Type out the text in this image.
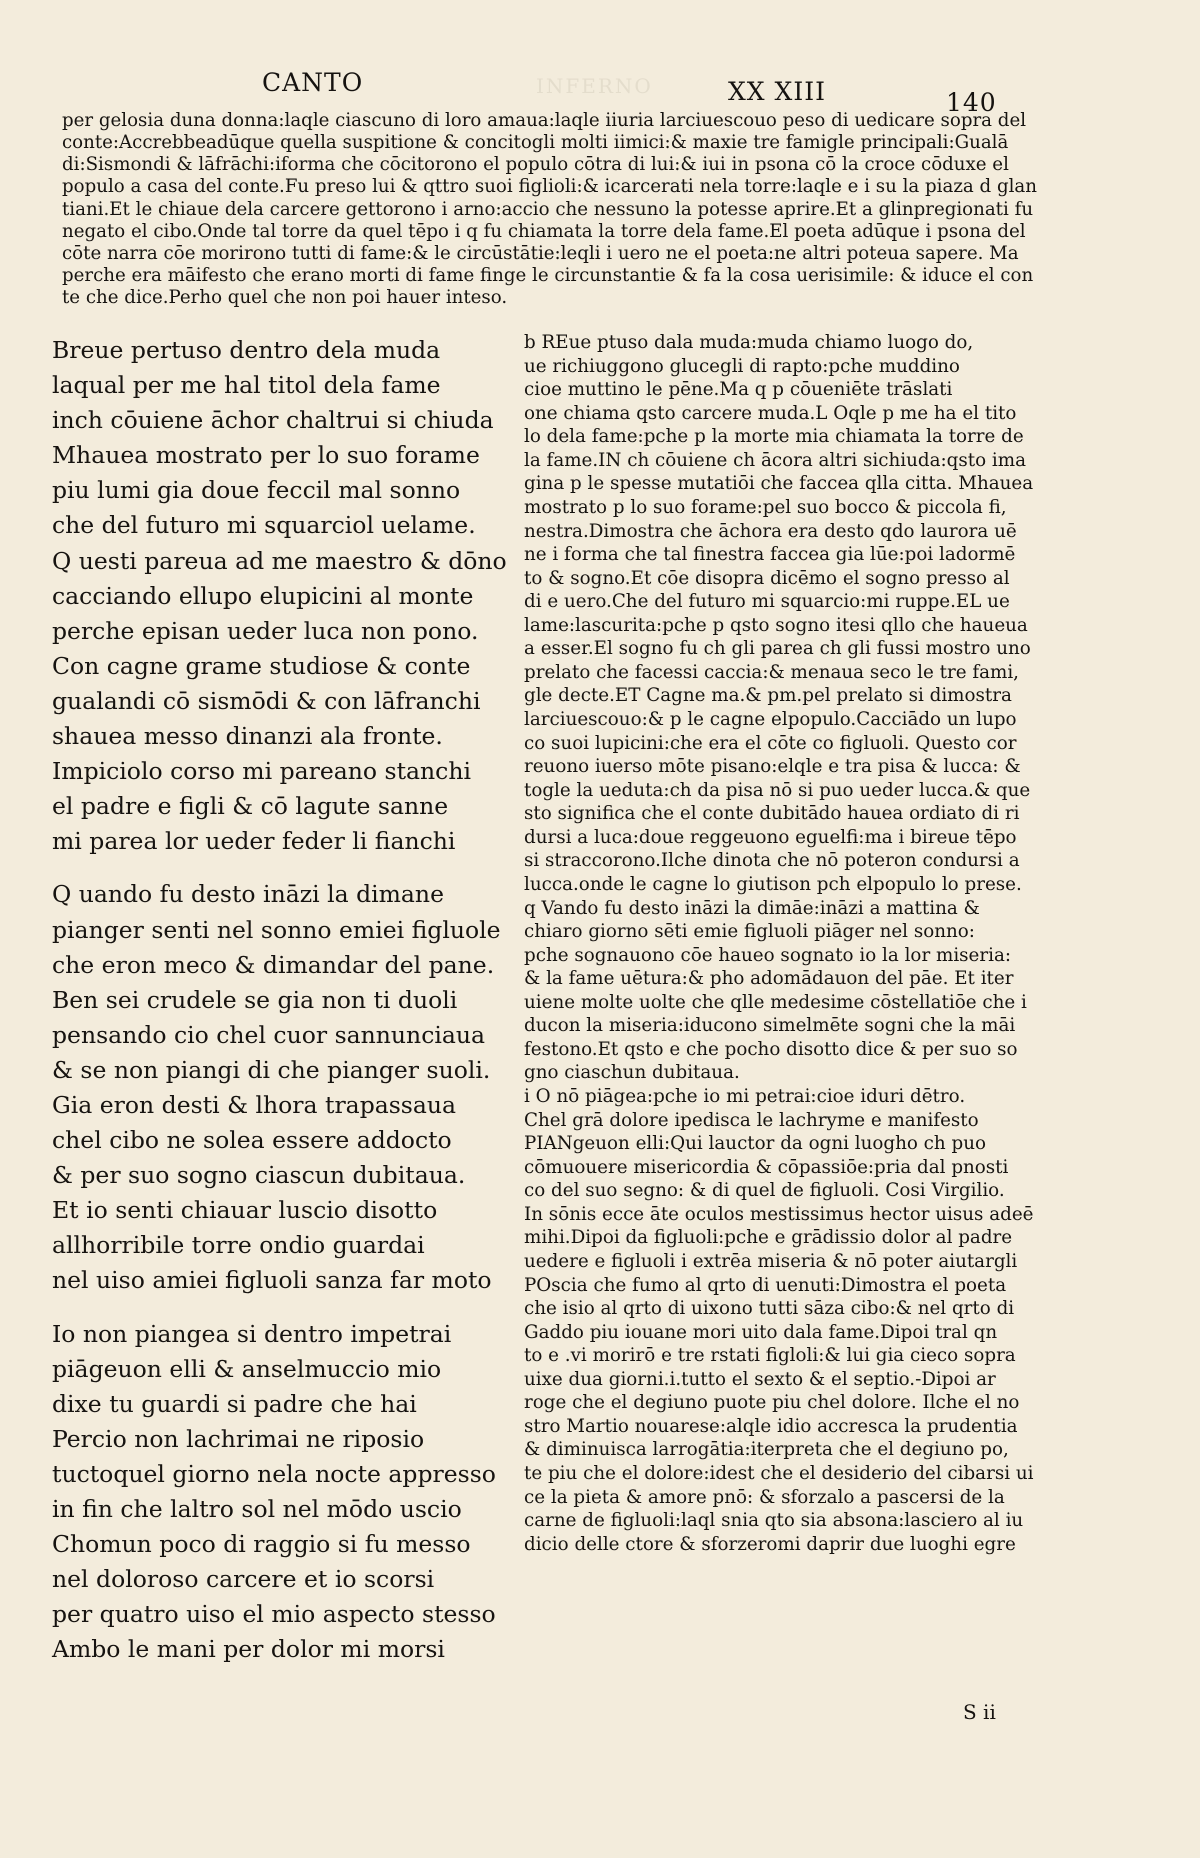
INFERNO
CANTO	XX XIII	140
per gelosia duna donna:laqle ciascuno di loro amaua:laqle iiuria larciuescouo peso di uedicare sopra del
conte:Accrebbeadūque quella suspitione & concitogli molti iimici:& maxie tre famigle principali:Gualā
di:Sismondi & lāfrāchi:iforma che cōcitorono el populo cōtra di lui:& iui in psona cō la croce cōduxe el
populo a casa del conte.Fu preso lui & qttro suoi figlioli:& icarcerati nela torre:laqle e i su la piaza d glan
tiani.Et le chiaue dela carcere gettorono i arno:accio che nessuno la potesse aprire.Et a glinpregionati fu
negato el cibo.Onde tal torre da quel tēpo i q fu chiamata la torre dela fame.El poeta adūque i psona del
cōte narra cōe morirono tutti di fame:& le circūstātie:leqli i uero ne el poeta:ne altri poteua sapere. Ma
perche era māifesto che erano morti di fame finge le circunstantie & fa la cosa uerisimile: & iduce el con
te che dice.Perho quel che non poi hauer inteso.
Breue pertuso dentro dela muda
laqual per me hal titol dela fame
inch cōuiene āchor chaltrui si chiuda
Mhaueа mostrato per lo suo forame
piu lumi gia doue feccil mal sonno
che del futuro mi squarciol uelame.
Q uesti pareua ad me maestro & dōno
cacciando ellupo elupicini al monte
perche episan ueder luca non pono.
Con cagne grame studiose & conte
gualandi cō sismōdi & con lāfranchi
shaueа messo dinanzi ala fronte.
Impiciolo corso mi pareano stanchi
el padre e figli & cō lagute sanne
mi parea lor ueder feder li fianchi
Q uando fu desto ināzi la dimane
pianger senti nel sonno emiei figluole
che eron meco & dimandar del pane.
Ben sei crudele se gia non ti duoli
pensando cio chel cuor sannunciaua
& se non piangi di che pianger suoli.
Gia eron desti & lhora trapassaua
chel cibo ne solea essere addocto
& per suo sogno ciascun dubitaua.
Et io senti chiauar luscio disotto
allhorribile torre ondio guardai
nel uiso amiei figluoli sanza far moto
Io non piangea si dentro impetrai
piāgeuon elli & anselmuccio mio
dixe tu guardi si padre che hai
Percio non lachrimai ne riposio
tuctoquel giorno nela nocte appresso
in fin che laltro sol nel mōdo uscio
Chomun poco di raggio si fu messo
nel doloroso carcere et io scorsi
per quatro uiso el mio aspecto stesso
Ambo le mani per dolor mi morsi
b REue ptuso dala muda:muda chiamo luogo do,
ue richiuggono glucegli di rapto:pche muddino
cioe muttino le pēne.Ma q p cōueniēte trāslati
one chiama qsto carcere muda.L Oqle p me ha el tito
lo dela fame:pche p la morte mia chiamata la torre de
la fame.IN ch cōuiene ch ācora altri sichiuda:qsto ima
gina p le spesse mutatiōi che faccea qlla citta. Mhaueа
mostrato p lo suo forame:pel suo bocco & piccola fi,
nestra.Dimostra che āchora era desto qdo laurora uē
ne i forma che tal finestra faccea gia lūe:poi ladormē
to & sogno.Et cōe disopra dicēmo el sogno presso al
di e uero.Che del futuro mi squarcio:mi ruppe.EL ue
lame:lascurita:pche p qsto sogno itesi qllo che haueua
a esser.El sogno fu ch gli parea ch gli fussi mostro uno
prelato che facessi caccia:& menaua seco le tre fami,
gle decte.ET Cagne ma.& pm.pel prelato si dimostra
larciuescouo:& p le cagne elpopulo.Cacciādo un lupo
co suoi lupicini:che era el cōte co figluoli. Questo cor
reuono iuerso mōte pisano:elqle e tra pisa & lucca: &
togle la ueduta:ch da pisa nō si puo ueder lucca.& que
sto significa che el conte dubitādo haueа ordiato di ri
dursi a luca:doue reggeuono eguelfi:ma i bireue tēpo
si straccorono.Ilche dinota che nō poteron condursi a
lucca.onde le cagne lo giutison pch elpopulo lo prese.
q Vando fu desto ināzi la dimāe:ināzi a mattina &
chiaro giorno sēti emie figluoli piāger nel sonno:
pche sognauono cōe haueo sognato io la lor miseria:
& la fame uētura:& pho adomādauon del pāe. Et iter
uiene molte uolte che qlle medesime cōstellatiōe che i
ducon la miseria:iducono simelmēte sogni che la māi
festono.Et qsto e che pocho disotto dice & per suo so
gno ciaschun dubitaua.
i O nō piāgea:pche io mi petrai:cioe iduri dētro.
Chel grā dolore ipedisca le lachryme e manifesto
PIANgeuon elli:Qui lauctor da ogni luogho ch puo
cōmuouere misericordia & cōpassiōe:pria dal pnosti
co del suo segno: & di quel de figluoli. Cosi Virgilio.
In sōnis ecce āte oculos mestissimus hector uisus adeē
mihi.Dipoi da figluoli:pche e grādissio dolor al padre
uedere e figluoli i extrēa miseria & nō poter aiutargli
POscia che fumo al qrto di uenuti:Dimostra el poeta
che isio al qrto di uixono tutti sāza cibo:& nel qrto di
Gaddo piu iouane mori uito dala fame.Dipoi tral qn
to e .vi morirō e tre rstati figloli:& lui gia cieco sopra
uixe dua giorni.i.tutto el sexto & el septio.-Dipoi ar
roge che el degiuno puote piu chel dolore. Ilche el no
stro Martio nouarese:alqle idio accresca la prudentia
& diminuisca larrogātia:iterpreta che el degiuno po,
te piu che el dolore:idest che el desiderio del cibarsi ui
ce la pieta & amore pnō: & sforzalo a pascersi de la
carne de figluoli:laql snia qto sia absona:lasciero al iu
dicio delle ctore & sforzeromi daprir due luoghi egre
S ii
